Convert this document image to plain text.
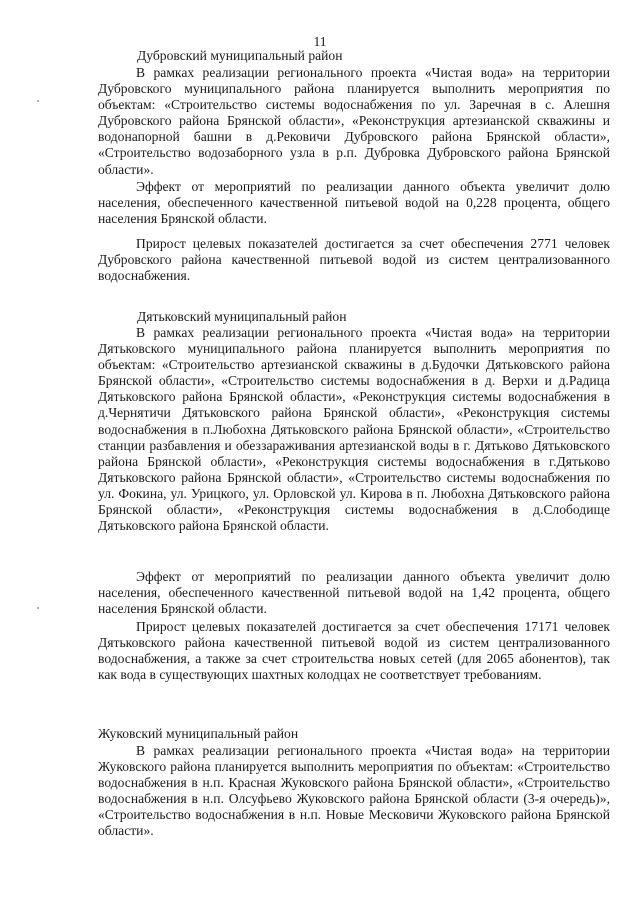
11
Дубровский муниципальный район

В рамках реализации регионального проекта «Чистая вода» на территории Дубровского муниципального района планируется выполнить мероприятия по объектам: «Строительство системы водоснабжения по ул. Заречная в с. Алешня Дубровского района Брянской области», «Реконструкция артезианской скважины и водонапорной башни в д.Рековичи Дубровского района Брянской области», «Строительство водозаборного узла в р.п. Дубровка Дубровского района Брянской области».

Эффект от мероприятий по реализации данного объекта увеличит долю населения, обеспеченного качественной питьевой водой на 0,228 процента, общего населения Брянской области.

Прирост целевых показателей достигается за счет обеспечения 2771 человек Дубровского района качественной питьевой водой из систем централизованного водоснабжения.

Дятьковский муниципальный район

В рамках реализации регионального проекта «Чистая вода» на территории Дятьковского муниципального района планируется выполнить мероприятия по объектам: «Строительство артезианской скважины в д.Будочки Дятьковского района Брянской области», «Строительство системы водоснабжения в д. Верхи и д.Радица Дятьковского района Брянской области», «Реконструкция системы водоснабжения в д.Чернятичи Дятьковского района Брянской области», «Реконструкция системы водоснабжения в п.Любохна Дятьковского района Брянской области», «Строительство станции разбавления и обеззараживания артезианской воды в г. Дятьково Дятьковского района Брянской области», «Реконструкция системы водоснабжения в г.Дятьково Дятьковского района Брянской области», «Строительство системы водоснабжения по ул. Фокина, ул. Урицкого, ул. Орловской ул. Кирова в п. Любохна Дятьковского района Брянской области», «Реконструкция системы водоснабжения в д.Слободище Дятьковского района Брянской области.

Эффект от мероприятий по реализации данного объекта увеличит долю населения, обеспеченного качественной питьевой водой на 1,42 процента, общего населения Брянской области.

Прирост целевых показателей достигается за счет обеспечения 17171 человек Дятьковского района качественной питьевой водой из систем централизованного водоснабжения, а также за счет строительства новых сетей (для 2065 абонентов), так как вода в существующих шахтных колодцах не соответствует требованиям.

Жуковский муниципальный район

В рамках реализации регионального проекта «Чистая вода» на территории Жуковского района планируется выполнить мероприятия по объектам: «Строительство водоснабжения в н.п. Красная Жуковского района Брянской области», «Строительство водоснабжения в н.п. Олсуфьево Жуковского района Брянской области (3-я очередь)», «Строительство водоснабжения в н.п. Новые Месковичи Жуковского района Брянской области».
